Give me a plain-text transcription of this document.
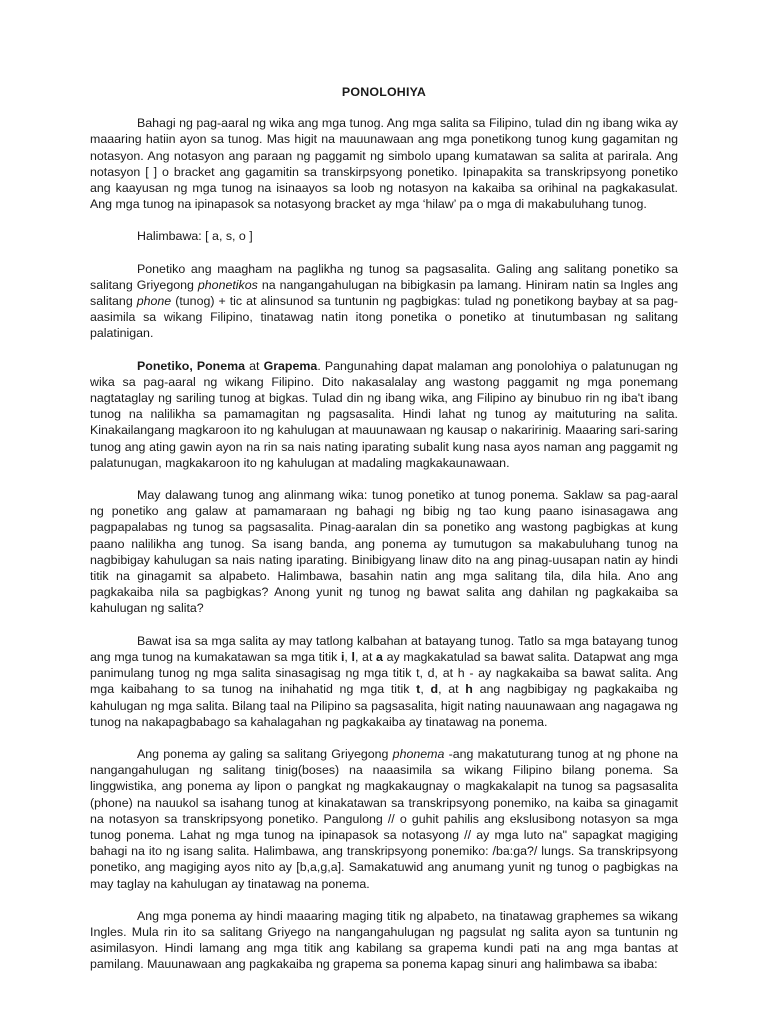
PONOLOHIYA

Bahagi ng pag-aaral ng wika ang mga tunog. Ang mga salita sa Filipino, tulad din ng ibang wika ay maaaring hatiin ayon sa tunog. Mas higit na mauunawaan ang mga ponetikong tunog kung gagamitan ng notasyon. Ang notasyon ang paraan ng paggamit ng simbolo upang kumatawan sa salita at parirala. Ang notasyon [ ] o bracket ang gagamitin sa transkirpsyong ponetiko. Ipinapakita sa transkripsyong ponetiko ang kaayusan ng mga tunog na isinaayos sa loob ng notasyon na kakaiba sa orihinal na pagkakasulat. Ang mga tunog na ipinapasok sa notasyong bracket ay mga ‘hilaw’ pa o mga di makabuluhang tunog.

Halimbawa: [ a, s, o ]

Ponetiko ang maagham na paglikha ng tunog sa pagsasalita. Galing ang salitang ponetiko sa salitang Griyegong phonetikos na nangangahulugan na bibigkasin pa lamang. Hiniram natin sa Ingles ang salitang phone (tunog) + tic at alinsunod sa tuntunin ng pagbigkas: tulad ng ponetikong baybay at sa pag- aasimila sa wikang Filipino, tinatawag natin itong ponetika o ponetiko at tinutumbasan ng salitang palatinigan.

Ponetiko, Ponema at Grapema. Pangunahing dapat malaman ang ponolohiya o palatunugan ng wika sa pag-aaral ng wikang Filipino. Dito nakasalalay ang wastong paggamit ng mga ponemang nagtataglay ng sariling tunog at bigkas. Tulad din ng ibang wika, ang Filipino ay binubuo rin ng iba't ibang tunog na nalilikha sa pamamagitan ng pagsasalita. Hindi lahat ng tunog ay maituturing na salita. Kinakailangang magkaroon ito ng kahulugan at mauunawaan ng kausap o nakaririnig. Maaaring sari-saring tunog ang ating gawin ayon na rin sa nais nating iparating subalit kung nasa ayos naman ang paggamit ng palatunugan, magkakaroon ito ng kahulugan at madaling magkakaunawaan.

May dalawang tunog ang alinmang wika: tunog ponetiko at tunog ponema. Saklaw sa pag-aaral ng ponetiko ang galaw at pamamaraan ng bahagi ng bibig ng tao kung paano isinasagawa ang pagpapalabas ng tunog sa pagsasalita. Pinag-aaralan din sa ponetiko ang wastong pagbigkas at kung paano nalilikha ang tunog. Sa isang banda, ang ponema ay tumutugon sa makabuluhang tunog na nagbibigay kahulugan sa nais nating iparating. Binibigyang linaw dito na ang pinag-uusapan natin ay hindi titik na ginagamit sa alpabeto. Halimbawa, basahin natin ang mga salitang tila, dila hila. Ano ang pagkakaiba nila sa pagbigkas? Anong yunit ng tunog ng bawat salita ang dahilan ng pagkakaiba sa kahulugan ng salita?

Bawat isa sa mga salita ay may tatlong kalbahan at batayang tunog. Tatlo sa mga batayang tunog ang mga tunog na kumakatawan sa mga titik i, l, at a ay magkakatulad sa bawat salita. Datapwat ang mga panimulang tunog ng mga salita sinasagisag ng mga titik t, d, at h - ay nagkakaiba sa bawat salita. Ang mga kaibahang to sa tunog na inihahatid ng mga titik t, d, at h ang nagbibigay ng pagkakaiba ng kahulugan ng mga salita. Bilang taal na Pilipino sa pagsasalita, higit nating nauunawaan ang nagagawa ng tunog na nakapagbabago sa kahalagahan ng pagkakaiba ay tinatawag na ponema.

Ang ponema ay galing sa salitang Griyegong phonema -ang makatuturang tunog at ng phone na nangangahulugan ng salitang tinig(boses) na naaasimila sa wikang Filipino bilang ponema. Sa linggwistika, ang ponema ay lipon o pangkat ng magkakaugnay o magkakalapit na tunog sa pagsasalita (phone) na nauukol sa isahang tunog at kinakatawan sa transkripsyong ponemiko, na kaiba sa ginagamit na notasyon sa transkripsyong ponetiko. Pangulong // o guhit pahilis ang ekslusibong notasyon sa mga tunog ponema. Lahat ng mga tunog na ipinapasok sa notasyong // ay mga luto na" sapagkat magiging bahagi na ito ng isang salita. Halimbawa, ang transkripsyong ponemiko: /ba:ga?/ lungs. Sa transkripsyong ponetiko, ang magiging ayos nito ay [b,a,g,a]. Samakatuwid ang anumang yunit ng tunog o pagbigkas na may taglay na kahulugan ay tinatawag na ponema.

Ang mga ponema ay hindi maaaring maging titik ng alpabeto, na tinatawag graphemes sa wikang Ingles. Mula rin ito sa salitang Griyego na nangangahulugan ng pagsulat ng salita ayon sa tuntunin ng asimilasyon. Hindi lamang ang mga titik ang kabilang sa grapema kundi pati na ang mga bantas at pamilang. Mauunawaan ang pagkakaiba ng grapema sa ponema kapag sinuri ang halimbawa sa ibaba:
